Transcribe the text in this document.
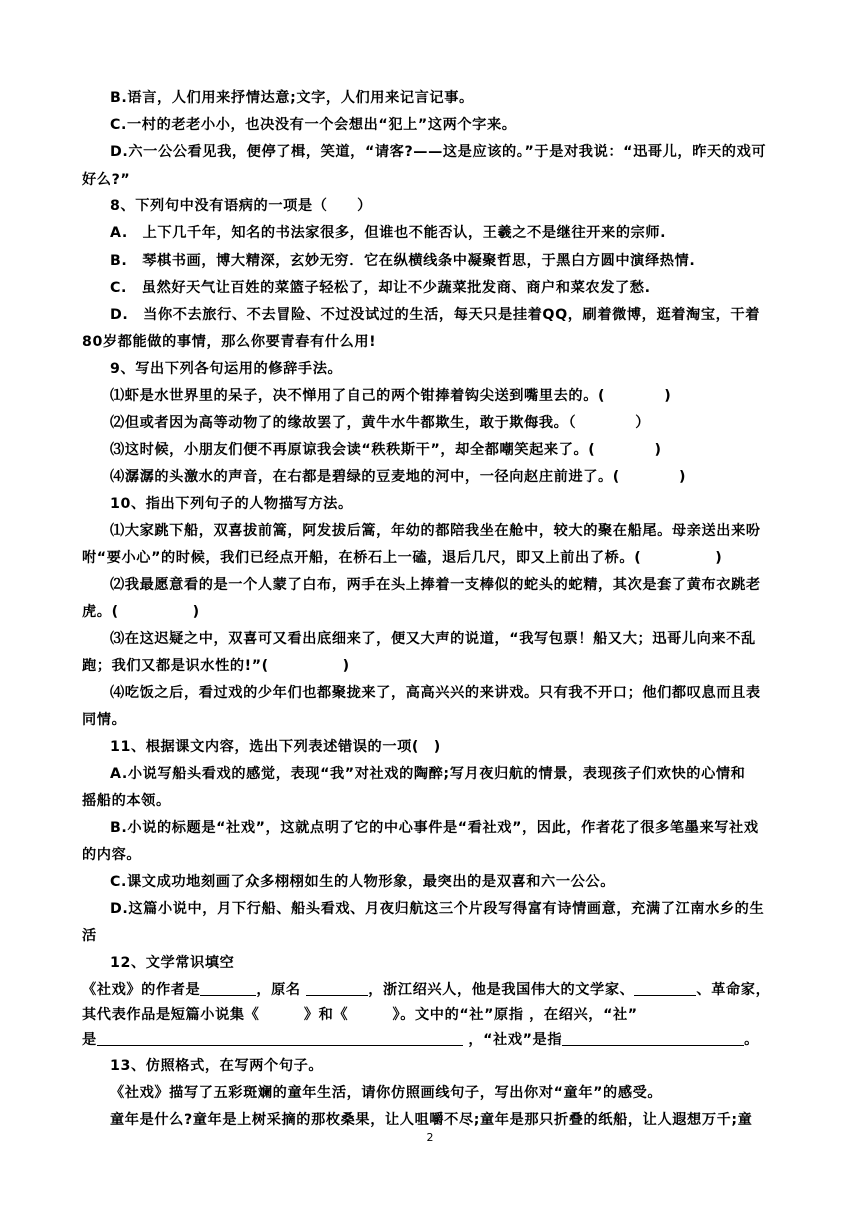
B.语言，人们用来抒情达意;文字，人们用来记言记事。
C.一村的老老小小，也决没有一个会想出“犯上”这两个字来。
D.六一公公看见我，便停了楫，笑道，“请客?——这是应该的。”于是对我说：“迅哥儿，昨天的戏可
好么?”
8、下列句中没有语病的一项是（　　）
A.　上下几千年，知名的书法家很多，但谁也不能否认，王羲之不是继往开来的宗师.
B.　琴棋书画，博大精深，玄妙无穷．它在纵横线条中凝聚哲思，于黑白方圆中演绎热情.
C.　虽然好天气让百姓的菜篮子轻松了，却让不少蔬菜批发商、商户和菜农发了愁.
D.　当你不去旅行、不去冒险、不过没试过的生活，每天只是挂着QQ，刷着微博，逛着淘宝，干着
80岁都能做的事情，那么你要青春有什么用!
9、写出下列各句运用的修辞手法。
⑴虾是水世界里的呆子，决不惮用了自己的两个钳捧着钩尖送到嘴里去的。(　　　　)
⑵但或者因为高等动物了的缘故罢了，黄牛水牛都欺生，敢于欺侮我。（　　　　）
⑶这时候，小朋友们便不再原谅我会读“秩秩斯干”，却全都嘲笑起来了。(　　　　)
⑷潺潺的头激水的声音，在右都是碧绿的豆麦地的河中，一径向赵庄前进了。(　　　　)
10、指出下列句子的人物描写方法。
⑴大家跳下船，双喜拔前篙，阿发拔后篙，年幼的都陪我坐在舱中，较大的聚在船尾。母亲送出来吩
咐“要小心”的时候，我们已经点开船，在桥石上一磕，退后几尺，即又上前出了桥。(　　　　　)
⑵我最愿意看的是一个人蒙了白布，两手在头上捧着一支棒似的蛇头的蛇精，其次是套了黄布衣跳老
虎。(　　　　　)
⑶在这迟疑之中，双喜可又看出底细来了，便又大声的说道，“我写包票！船又大；迅哥儿向来不乱
跑；我们又都是识水性的!”(　　　　　)
⑷吃饭之后，看过戏的少年们也都聚拢来了，高高兴兴的来讲戏。只有我不开口；他们都叹息而且表
同情。
11、根据课文内容，选出下列表述错误的一项(　)
A.小说写船头看戏的感觉，表现“我”对社戏的陶醉;写月夜归航的情景，表现孩子们欢快的心情和
摇船的本领。
B.小说的标题是“社戏”，这就点明了它的中心事件是“看社戏”，因此，作者花了很多笔墨来写社戏
的内容。
C.课文成功地刻画了众多栩栩如生的人物形象，最突出的是双喜和六一公公。
D.这篇小说中，月下行船、船头看戏、月夜归航这三个片段写得富有诗情画意，充满了江南水乡的生
活
12、文学常识填空
《社戏》的作者是	，原名	，浙江绍兴人，他是我国伟大的文学家、	、革命家，
其代表作品是短篇小说集《　　　》和《　　　》。文中的“社”原指 ，在绍兴，“社”
是	，“社戏”是指	。
13、仿照格式，在写两个句子。
《社戏》描写了五彩斑斓的童年生活，请你仿照画线句子，写出你对“童年”的感受。
童年是什么?童年是上树采摘的那枚桑果，让人咀嚼不尽;童年是那只折叠的纸船，让人遐想万千;童
2
